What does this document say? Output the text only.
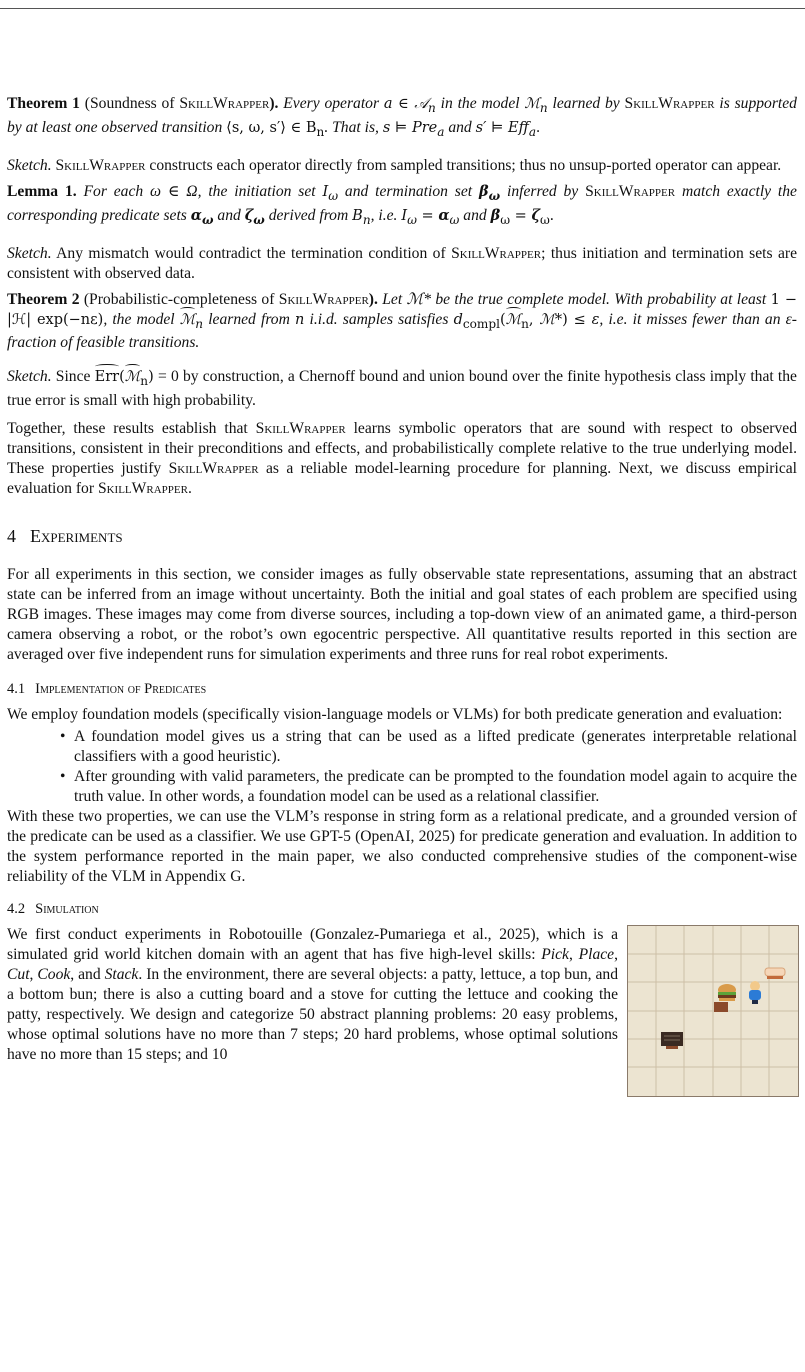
Theorem 1 (Soundness of SkillWrapper). Every operator a ∈ 𝒜$_n$ in the model ℳ$_n$ learned by SkillWrapper is supported by at least one observed transition ⟨s, ω, s′⟩ ∈ $B_n$. That is, s ⊨ Pre$_a$ and s′ ⊨ Eff$_a$.

Sketch. SkillWrapper constructs each operator directly from sampled transitions; thus no unsup-ported operator can appear.

Lemma 1. For each ω ∈ Ω, the initiation set $I_\omega$ and termination set $\beta_\omega$ inferred by SkillWrapper match exactly the corresponding predicate sets $\alpha_\omega$ and $\zeta_\omega$ derived from $B_n$, i.e. $I_\omega = \alpha_\omega$ and $\beta_\omega = \zeta_\omega$.

Sketch. Any mismatch would contradict the termination condition of SkillWrapper; thus initiation and termination sets are consistent with observed data.

Theorem 2 (Probabilistic-completeness of SkillWrapper). Let ℳ* be the true complete model. With probability at least 1 − |ℋ| exp(−nε), the model ℳ$_n$ learned from n i.i.d. samples satisfies $d_{compl}(ℳ_n$, ℳ*) ≤ ε, i.e. it misses fewer than an ε-fraction of feasible transitions.

Sketch. Since Err(ℳ$_n$) = 0 by construction, a Chernoff bound and union bound over the finite hypothesis class imply that the true error is small with high probability.

Together, these results establish that SkillWrapper learns symbolic operators that are sound with respect to observed transitions, consistent in their preconditions and effects, and probabilistically complete relative to the true underlying model. These properties justify SkillWrapper as a reliable model-learning procedure for planning. Next, we discuss empirical evaluation for SkillWrapper.

4 Experiments

For all experiments in this section, we consider images as fully observable state representations, assuming that an abstract state can be inferred from an image without uncertainty. Both the initial and goal states of each problem are specified using RGB images. These images may come from diverse sources, including a top-down view of an animated game, a third-person camera observing a robot, or the robot’s own egocentric perspective. All quantitative results reported in this section are averaged over five independent runs for simulation experiments and three runs for real robot experiments.

4.1 Implementation of Predicates

We employ foundation models (specifically vision-language models or VLMs) for both predicate generation and evaluation:

• A foundation model gives us a string that can be used as a lifted predicate (generates interpretable relational classifiers with a good heuristic).
• After grounding with valid parameters, the predicate can be prompted to the foundation model again to acquire the truth value. In other words, a foundation model can be used as a relational classifier.

With these two properties, we can use the VLM’s response in string form as a relational predicate, and a grounded version of the predicate can be used as a classifier. We use GPT-5 (OpenAI, 2025) for predicate generation and evaluation. In addition to the system performance reported in the main paper, we also conducted comprehensive studies of the component-wise reliability of the VLM in Appendix G.

4.2 Simulation

We first conduct experiments in Robotouille (Gonzalez-Pumariega et al., 2025), which is a simulated grid world kitchen domain with an agent that has five high-level skills: Pick, Place, Cut, Cook, and Stack. In the environment, there are several objects: a patty, lettuce, a top bun, and a bottom bun; there is also a cutting board and a stove for cutting the lettuce and cooking the patty, respectively. We design and categorize 50 abstract planning problems: 20 easy problems, whose optimal solutions have no more than 7 steps; 20 hard problems, whose optimal solutions have no more than 15 steps; and 10
